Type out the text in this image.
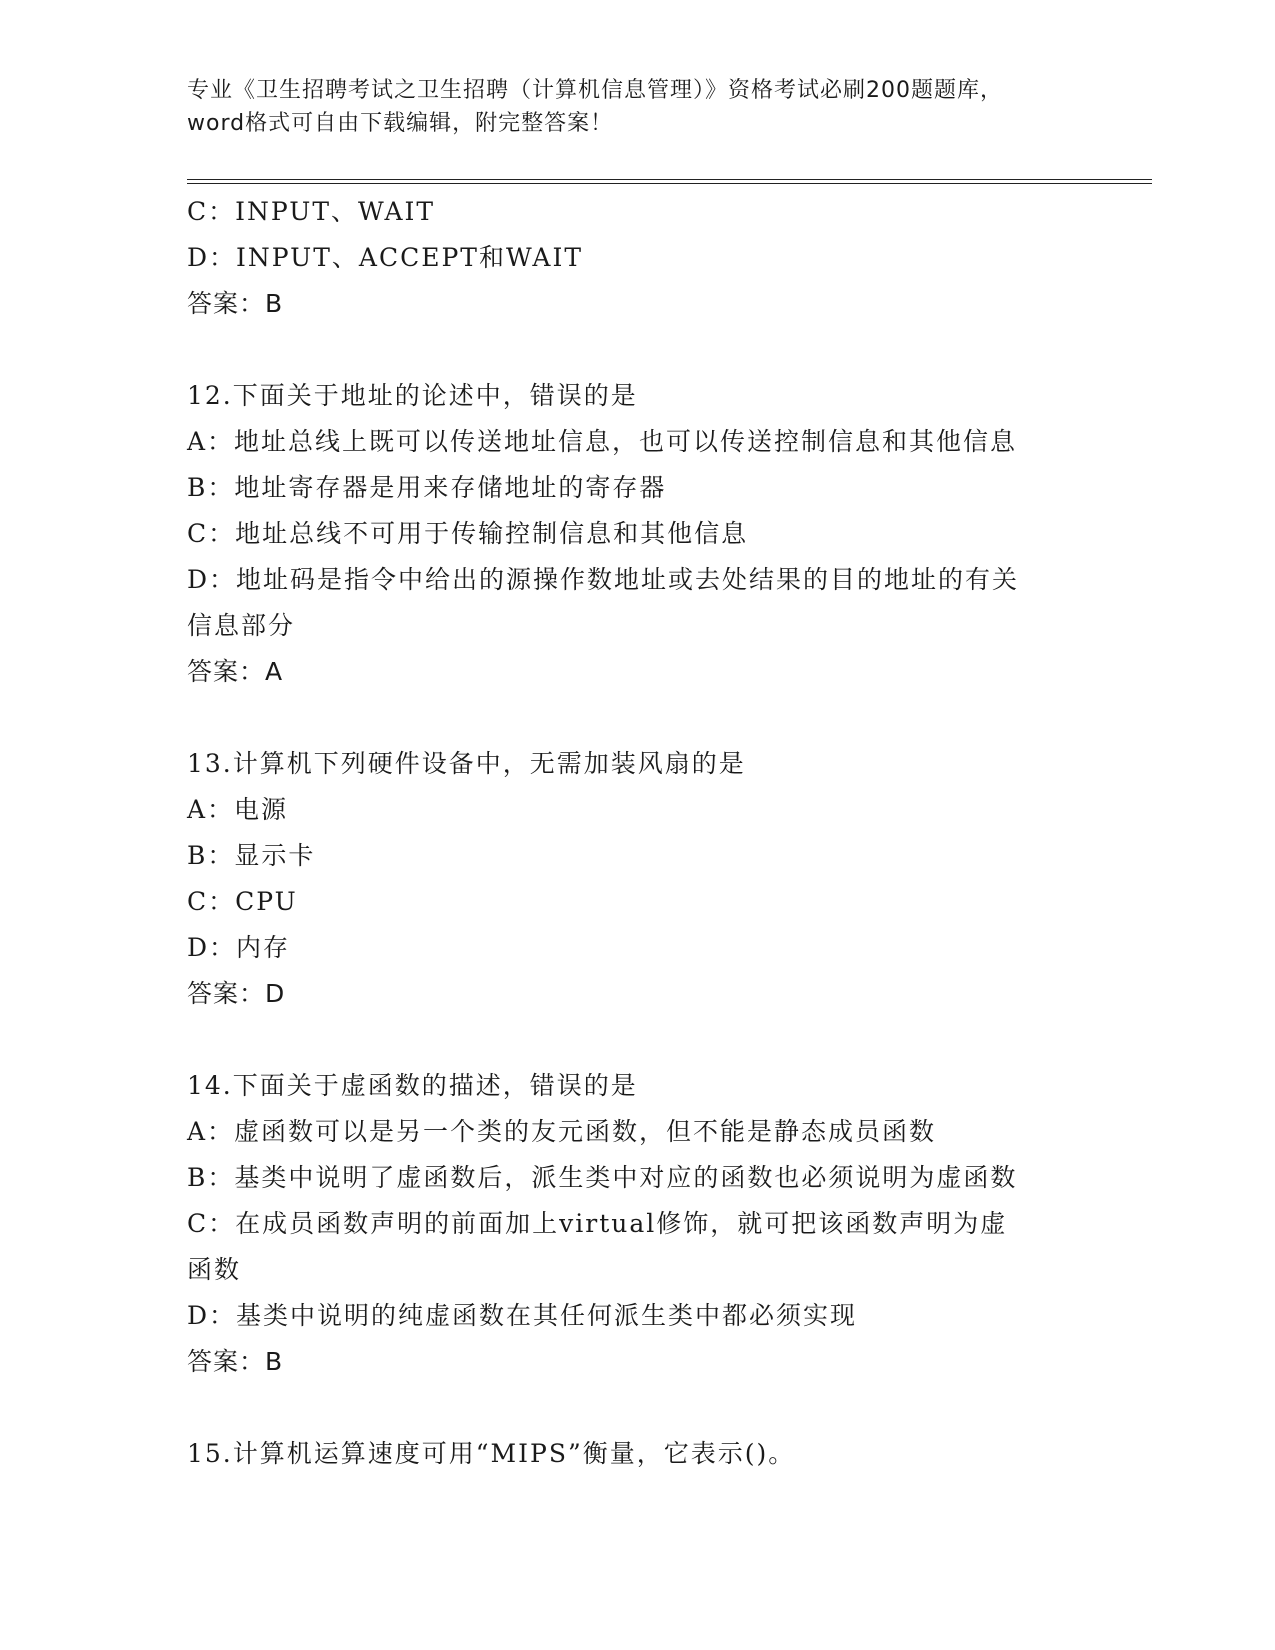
专业《卫生招聘考试之卫生招聘（计算机信息管理）》资格考试必刷200题题库，
word格式可自由下载编辑，附完整答案！
C：INPUT、WAIT
D：INPUT、ACCEPT和WAIT
答案：B
12.下面关于地址的论述中，错误的是
A：地址总线上既可以传送地址信息，也可以传送控制信息和其他信息
B：地址寄存器是用来存储地址的寄存器
C：地址总线不可用于传输控制信息和其他信息
D：地址码是指令中给出的源操作数地址或去处结果的目的地址的有关
信息部分
答案：A
13.计算机下列硬件设备中，无需加装风扇的是
A：电源
B：显示卡
C：CPU
D：内存
答案：D
14.下面关于虚函数的描述，错误的是
A：虚函数可以是另一个类的友元函数，但不能是静态成员函数
B：基类中说明了虚函数后，派生类中对应的函数也必须说明为虚函数
C：在成员函数声明的前面加上virtual修饰，就可把该函数声明为虚
函数
D：基类中说明的纯虚函数在其任何派生类中都必须实现
答案：B
15.计算机运算速度可用“MIPS”衡量，它表示()。
